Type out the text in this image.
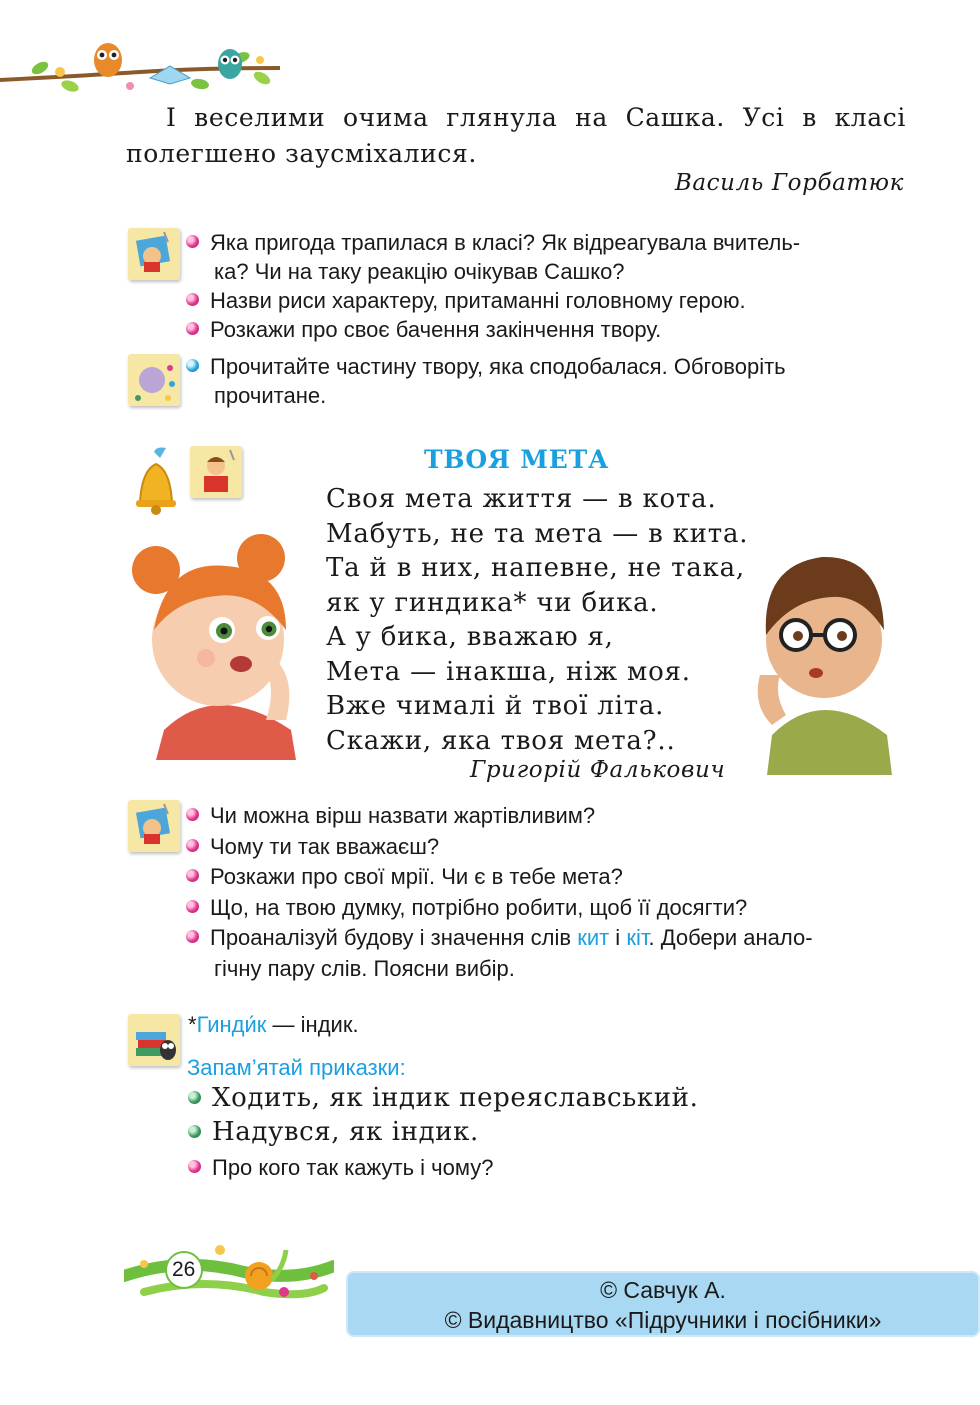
І веселими очима глянула на Сашка. Усі в класі полегшено заусміхалися.

Василь Горбатюк
Яка пригода трапилася в класі? Як відреагувала вчитель-
ка? Чи на таку реакцію очікував Сашко?
Назви риси характеру, притаманні головному герою.
Розкажи про своє бачення закінчення твору.
Прочитайте частину твору, яка сподобалася. Обговоріть
прочитане.
ТВОЯ МЕТА
Своя мета життя — в кота.
Мабуть, не та мета — в кита.
Та й в них, напевне, не така,
як у гиндика* чи бика.
А у бика, вважаю я,
Мета — інакша, ніж моя.
Вже чималі й твої літа.
Скажи, яка твоя мета?..
Григорій Фалькович
Чи можна вірш назвати жартівливим?
Чому ти так вважаєш?
Розкажи про свої мрії. Чи є в тебе мета?
Що, на твою думку, потрібно робити, щоб її досягти?
Проаналізуй будову і значення слів кит і кіт. Добери анало-
гічну пару слів. Поясни вибір.
*Гинди́к — індик.
Запам’ятай приказки:
Ходить, як індик переяславський.
Надувся, як індик.
Про кого так кажуть і чому?
26
© Савчук А.
© Видавництво «Підручники і посібники»
